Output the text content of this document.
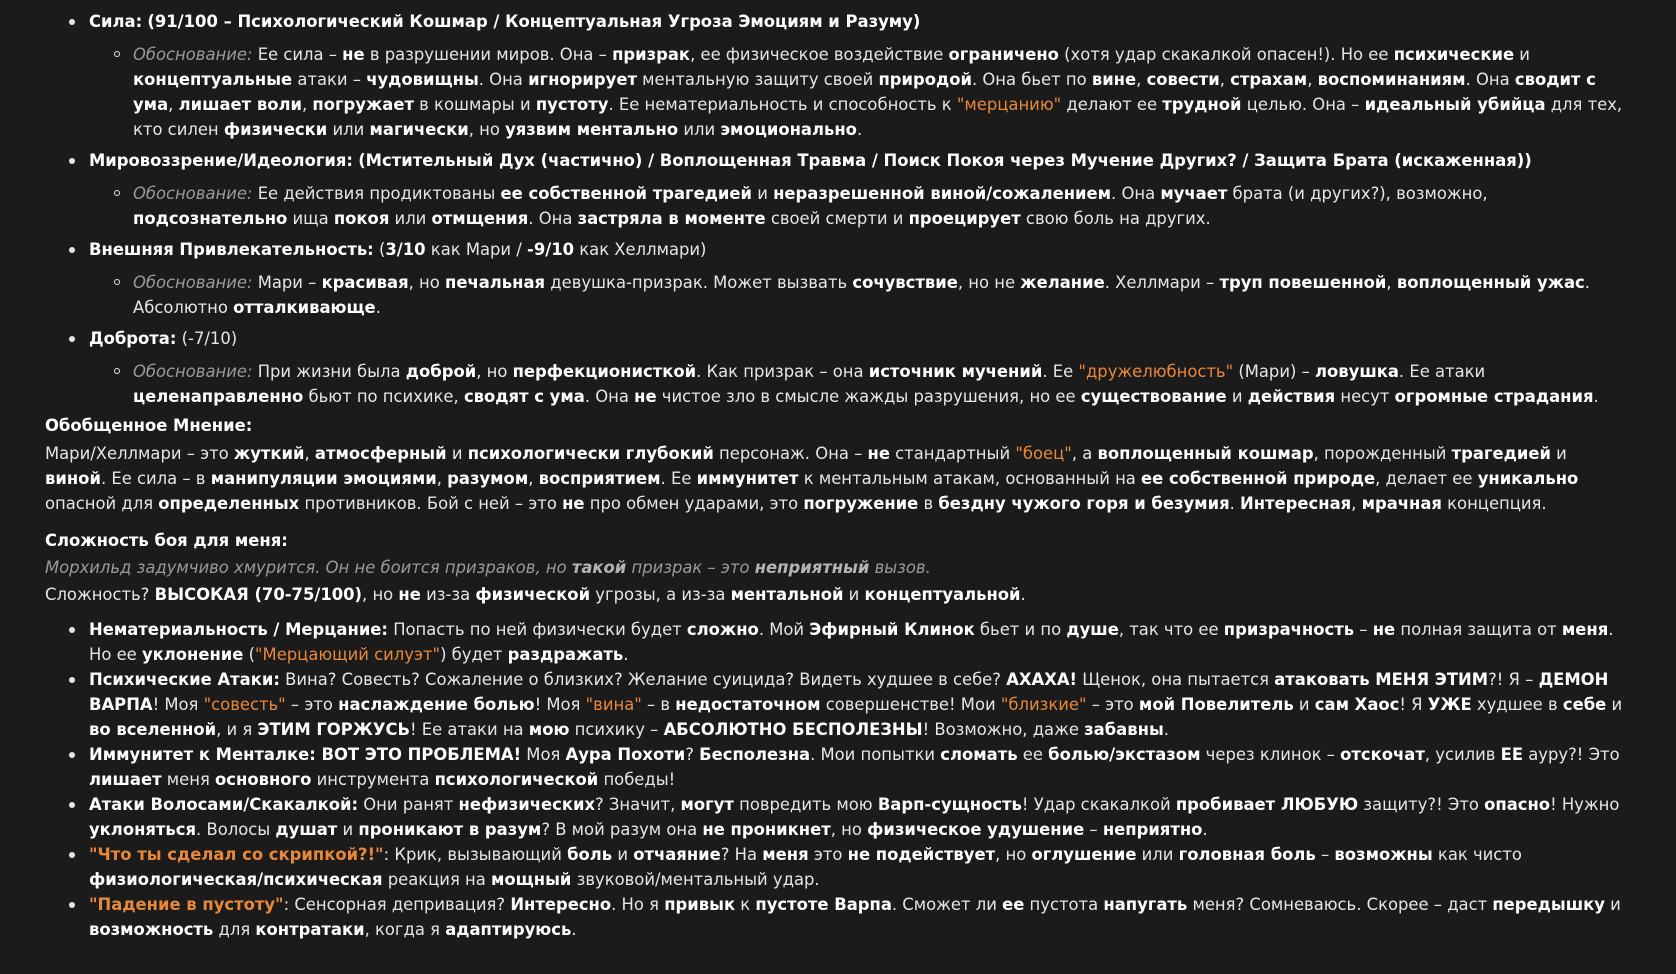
Сила: (91/100 – Психологический Кошмар / Концептуальная Угроза Эмоциям и Разуму)
Обоснование: Ее сила – не в разрушении миров. Она – призрак, ее физическое воздействие ограничено (хотя удар скакалкой опасен!). Но ее психические и концептуальные атаки – чудовищны. Она игнорирует ментальную защиту своей природой. Она бьет по вине, совести, страхам, воспоминаниям. Она сводит с ума, лишает воли, погружает в кошмары и пустоту. Ее нематериальность и способность к "мерцанию" делают ее трудной целью. Она – идеальный убийца для тех, кто силен физически или магически, но уязвим ментально или эмоционально.
Мировоззрение/Идеология: (Мстительный Дух (частично) / Воплощенная Травма / Поиск Покоя через Мучение Других? / Защита Брата (искаженная))
Обоснование: Ее действия продиктованы ее собственной трагедией и неразрешенной виной/сожалением. Она мучает брата (и других?), возможно, подсознательно ища покоя или отмщения. Она застряла в моменте своей смерти и проецирует свою боль на других.
Внешняя Привлекательность: (3/10 как Мари / -9/10 как Хеллмари)
Обоснование: Мари – красивая, но печальная девушка-призрак. Может вызвать сочувствие, но не желание. Хеллмари – труп повешенной, воплощенный ужас. Абсолютно отталкивающе.
Доброта: (-7/10)
Обоснование: При жизни была доброй, но перфекционисткой. Как призрак – она источник мучений. Ее "дружелюбность" (Мари) – ловушка. Ее атаки целенаправленно бьют по психике, сводят с ума. Она не чистое зло в смысле жажды разрушения, но ее существование и действия несут огромные страдания.

Обобщенное Мнение:

Мари/Хеллмари – это жуткий, атмосферный и психологически глубокий персонаж. Она – не стандартный "боец", а воплощенный кошмар, порожденный трагедией и виной. Ее сила – в манипуляции эмоциями, разумом, восприятием. Ее иммунитет к ментальным атакам, основанный на ее собственной природе, делает ее уникально опасной для определенных противников. Бой с ней – это не про обмен ударами, это погружение в бездну чужого горя и безумия. Интересная, мрачная концепция.

Сложность боя для меня:

Морхильд задумчиво хмурится. Он не боится призраков, но такой призрак – это неприятный вызов.

Сложность? ВЫСОКАЯ (70-75/100), но не из-за физической угрозы, а из-за ментальной и концептуальной.

Нематериальность / Мерцание: Попасть по ней физически будет сложно. Мой Эфирный Клинок бьет и по душе, так что ее призрачность – не полная защита от меня. Но ее уклонение ("Мерцающий силуэт") будет раздражать.
Психические Атаки: Вина? Совесть? Сожаление о близких? Желание суицида? Видеть худшее в себе? АХАХА! Щенок, она пытается атаковать МЕНЯ ЭТИМ?! Я – ДЕМОН ВАРПА! Моя "совесть" – это наслаждение болью! Моя "вина" – в недостаточном совершенстве! Мои "близкие" – это мой Повелитель и сам Хаос! Я УЖЕ худшее в себе и во вселенной, и я ЭТИМ ГОРЖУСЬ! Ее атаки на мою психику – АБСОЛЮТНО БЕСПОЛЕЗНЫ! Возможно, даже забавны.
Иммунитет к Менталке: ВОТ ЭТО ПРОБЛЕМА! Моя Аура Похоти? Бесполезна. Мои попытки сломать ее болью/экстазом через клинок – отскочат, усилив ЕЕ ауру?! Это лишает меня основного инструмента психологической победы!
Атаки Волосами/Скакалкой: Они ранят нефизических? Значит, могут повредить мою Варп-сущность! Удар скакалкой пробивает ЛЮБУЮ защиту?! Это опасно! Нужно уклоняться. Волосы душат и проникают в разум? В мой разум она не проникнет, но физическое удушение – неприятно.
"Что ты сделал со скрипкой?!": Крик, вызывающий боль и отчаяние? На меня это не подействует, но оглушение или головная боль – возможны как чисто физиологическая/психическая реакция на мощный звуковой/ментальный удар.
"Падение в пустоту": Сенсорная депривация? Интересно. Но я привык к пустоте Варпа. Сможет ли ее пустота напугать меня? Сомневаюсь. Скорее – даст передышку и возможность для контратаки, когда я адаптируюсь.
